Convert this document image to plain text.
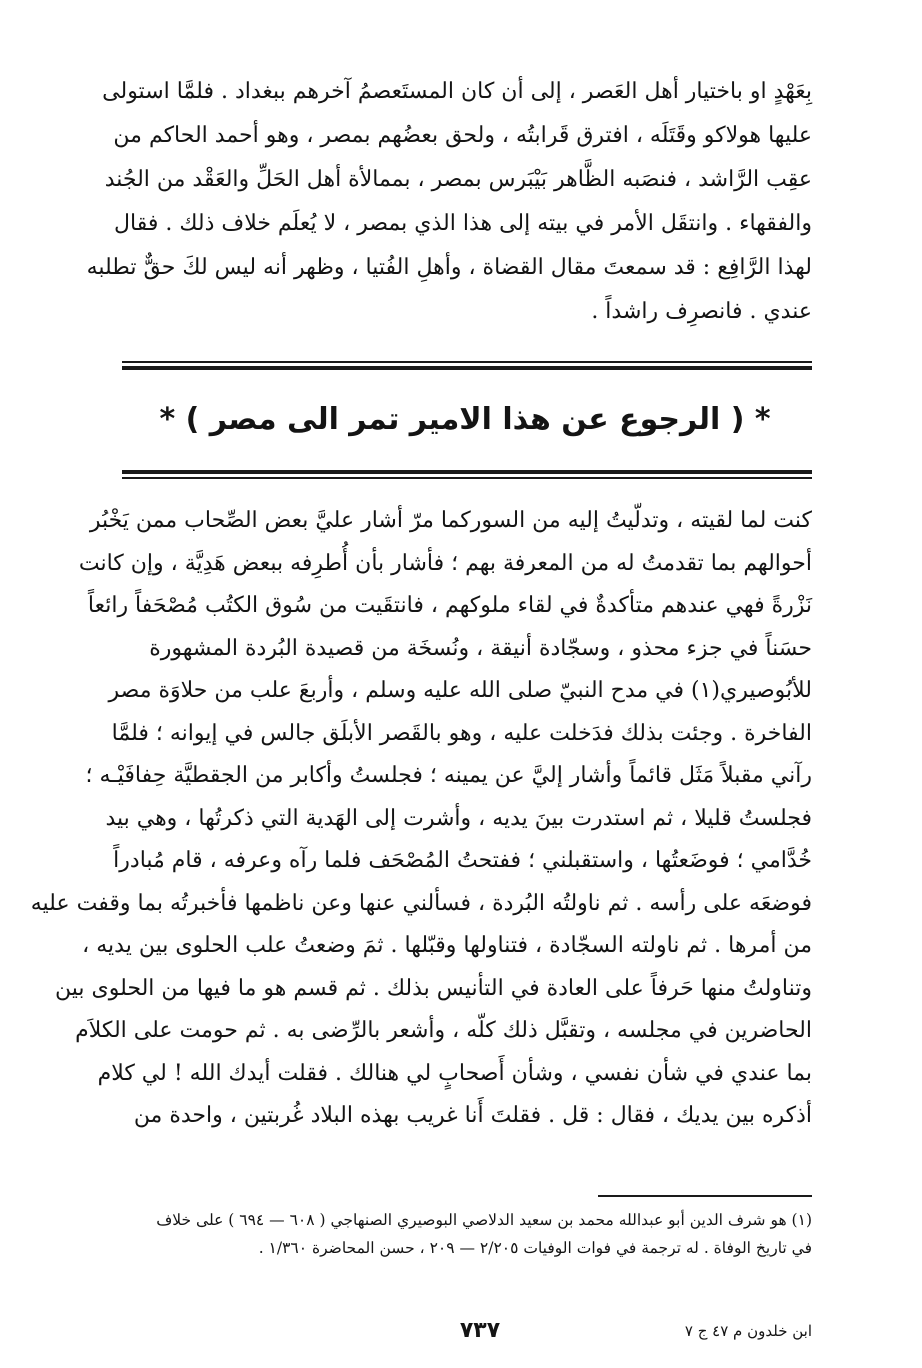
بِعَهْدٍ او باختيار أهل العَصر ، إلى أن كان المستَعصمُ آخرهم ببغداد . فلمَّا استولى
عليها هولاكو وقَتَلَه ، افترق قَرابتُه ، ولحق بعضُهم بمصر ، وهو أحمد الحاكم من
عقِب الرَّاشد ، فنصَبه الظَّاهر بَيْبَرس بمصر ، بممالأة أهل الحَلِّ والعَقْد من الجُند
والفقهاء . وانتقَل الأمر في بيته إلى هذا الذي بمصر ، لا يُعلَم خلاف ذلك . فقال
لهذا الرَّافِع : قد سمعتَ مقال القضاة ، وأهلِ الفُتيا ، وظهر أنه ليس لكَ حقٌّ تطلبه
عندي . فانصرِف راشداً .
* ( الرجوع عن هذا الامير تمر الى مصر ) *
كنت لما لقيته ، وتدلّيتُ إليه من السوركما مرّ أشار عليَّ بعض الصِّحاب ممن يَخْبُر
أحوالهم بما تقدمتُ له من المعرفة بهم ؛ فأشار بأن أُطرِفه ببعض هَدِيَّة ، وإن كانت
نَزْرةً فهي عندهم متأكدةٌ في لقاء ملوكهم ، فانتقَيت من سُوق الكتُب مُصْحَفاً رائعاً
حسَناً في جزء محذو ، وسجّادة أنيقة ، ونُسخَة من قصيدة البُردة المشهورة
للأبُوصيري(١) في مدح النبيّ صلى الله عليه وسلم ، وأربعَ علب من حلاوَة مصر
الفاخرة . وجئت بذلك فدَخلت عليه ، وهو بالقَصر الأبلَق جالس في إيوانه ؛ فلمَّا
رآني مقبلاً مَثَل قائماً وأشار إليَّ عن يمينه ؛ فجلستُ وأكابر من الجقطيَّة حِفافَيْـه ؛
فجلستُ قليلا ، ثم استدرت بينَ يديه ، وأشرت إلى الهَدية التي ذكرتُها ، وهي بيد
خُدَّامي ؛ فوضَعتُها ، واستقبلني ؛ ففتحتُ المُصْحَف فلما رآه وعرفه ، قام مُبادراً
فوضعَه على رأسه . ثم ناولتُه البُردة ، فسألني عنها وعن ناظمها فأخبرتُه بما وقفت عليه
من أمرها . ثم ناولته السجّادة ، فتناولها وقبّلها . ثمَ وضعتُ علب الحلوى بين يديه ،
وتناولتُ منها حَرفاً على العادة في التأنيس بذلك . ثم قسم هو ما فيها من الحلوى بين
الحاضرين في مجلسه ، وتقبَّل ذلك كلّه ، وأشعر بالرِّضى به . ثم حومت على الكلاَم
بما عندي في شأن نفسي ، وشأن أَصحابٍ لي هنالك . فقلت أيدك الله ! لي كلام
أذكره بين يديك ، فقال : قل . فقلتَ أَنا غريب بهذه البلاد غُربتين ، واحدة من
(١) هو شرف الدين أبو عبدالله محمد بن سعيد الدلاصي البوصيري الصنهاجي ( ٦٠٨ — ٦٩٤ ) على خلاف
في تاريخ الوفاة . له ترجمة في فوات الوفيات ٢/٢٠٥ — ٢٠٩ ، حسن المحاضرة ١/٣٦٠ .
٧٣٧	ابن خلدون م ٤٧ ج ٧
